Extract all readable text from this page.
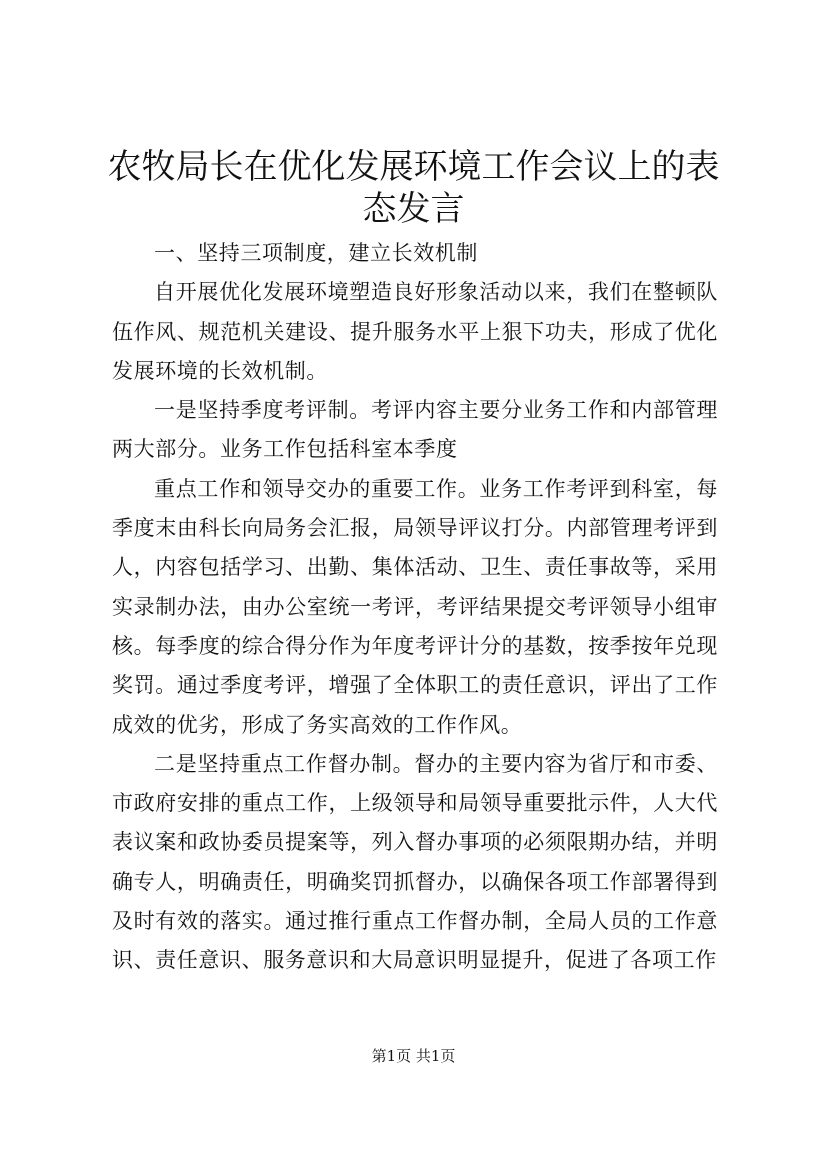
农牧局长在优化发展环境工作会议上的表态发言

一、坚持三项制度，建立长效机制

自开展优化发展环境塑造良好形象活动以来，我们在整顿队伍作风、规范机关建设、提升服务水平上狠下功夫，形成了优化发展环境的长效机制。

一是坚持季度考评制。考评内容主要分业务工作和内部管理两大部分。业务工作包括科室本季度

重点工作和领导交办的重要工作。业务工作考评到科室，每季度末由科长向局务会汇报，局领导评议打分。内部管理考评到人，内容包括学习、出勤、集体活动、卫生、责任事故等，采用实录制办法，由办公室统一考评，考评结果提交考评领导小组审核。每季度的综合得分作为年度考评计分的基数，按季按年兑现奖罚。通过季度考评，增强了全体职工的责任意识，评出了工作成效的优劣，形成了务实高效的工作作风。

二是坚持重点工作督办制。督办的主要内容为省厅和市委、市政府安排的重点工作，上级领导和局领导重要批示件，人大代表议案和政协委员提案等，列入督办事项的必须限期办结，并明确专人，明确责任，明确奖罚抓督办，以确保各项工作部署得到及时有效的落实。通过推行重点工作督办制，全局人员的工作意识、责任意识、服务意识和大局意识明显提升，促进了各项工作

第1页 共1页
